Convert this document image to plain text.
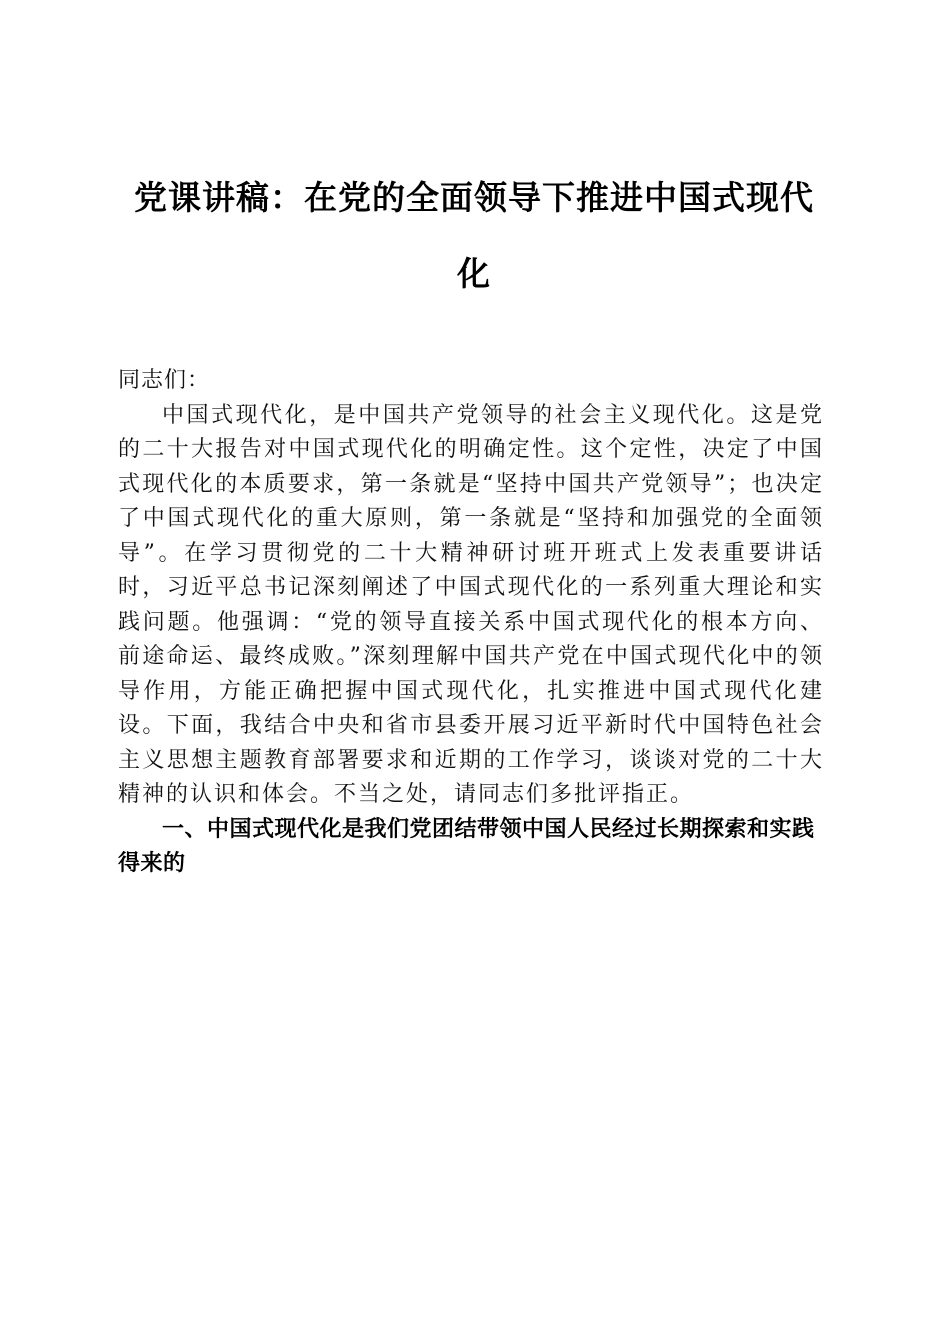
党课讲稿：在党的全面领导下推进中国式现代化

同志们：

中国式现代化，是中国共产党领导的社会主义现代化。这是党的二十大报告对中国式现代化的明确定性。这个定性，决定了中国式现代化的本质要求，第一条就是“坚持中国共产党领导”；也决定了中国式现代化的重大原则，第一条就是“坚持和加强党的全面领导”。在学习贯彻党的二十大精神研讨班开班式上发表重要讲话时，习近平总书记深刻阐述了中国式现代化的一系列重大理论和实践问题。他强调：“党的领导直接关系中国式现代化的根本方向、前途命运、最终成败。”深刻理解中国共产党在中国式现代化中的领导作用，方能正确把握中国式现代化，扎实推进中国式现代化建设。下面，我结合中央和省市县委开展习近平新时代中国特色社会主义思想主题教育部署要求和近期的工作学习，谈谈对党的二十大精神的认识和体会。不当之处，请同志们多批评指正。

一、中国式现代化是我们党团结带领中国人民经过长期探索和实践得来的
